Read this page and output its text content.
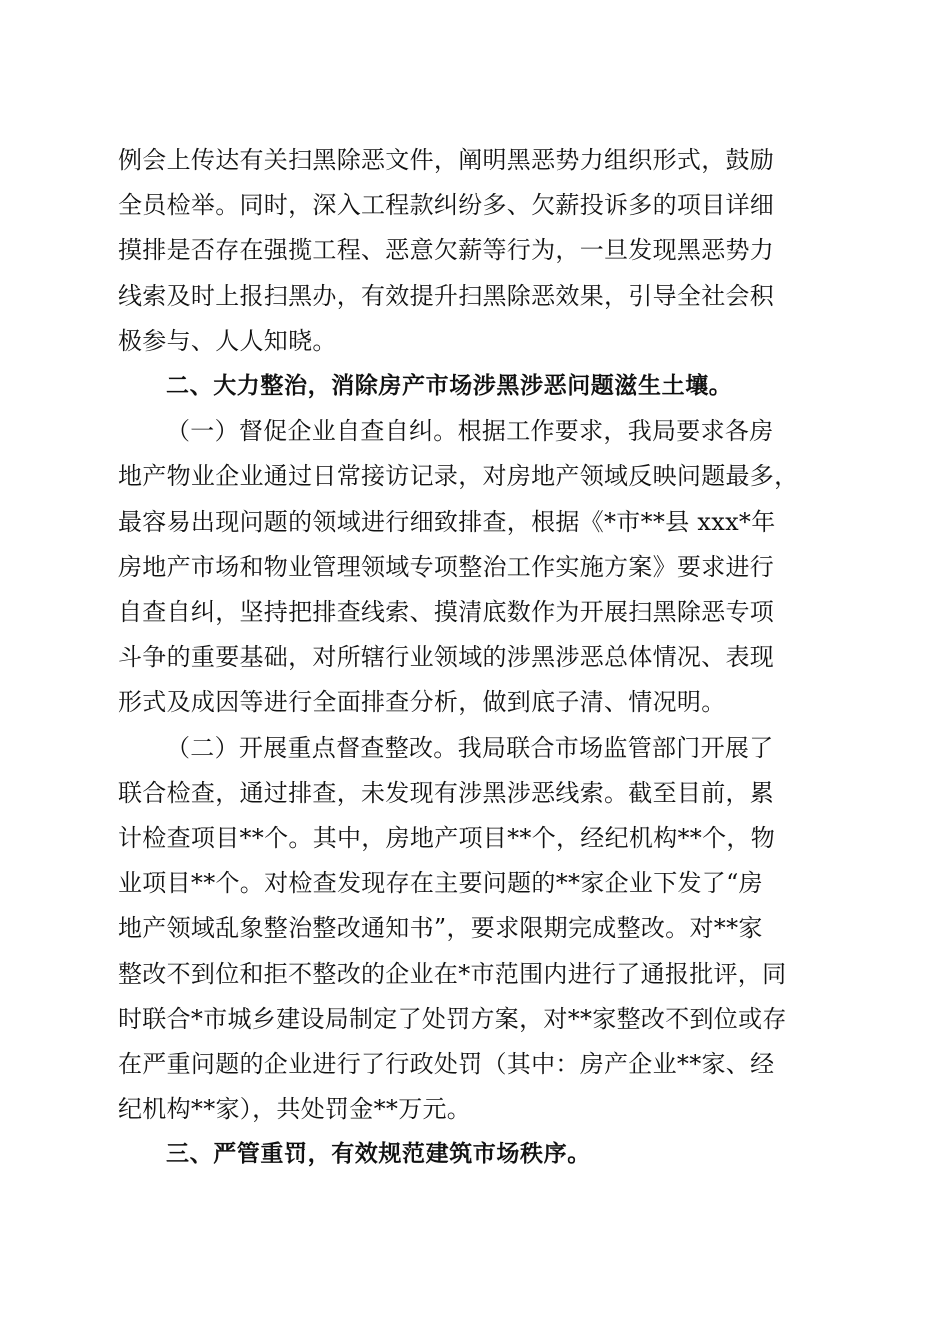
例会上传达有关扫黑除恶文件，阐明黑恶势力组织形式，鼓励
全员检举。同时，深入工程款纠纷多、欠薪投诉多的项目详细
摸排是否存在强揽工程、恶意欠薪等行为，一旦发现黑恶势力
线索及时上报扫黑办，有效提升扫黑除恶效果，引导全社会积
极参与、人人知晓。

二、大力整治，消除房产市场涉黑涉恶问题滋生土壤。

（一）督促企业自查自纠。根据工作要求，我局要求各房
地产物业企业通过日常接访记录，对房地产领域反映问题最多，
最容易出现问题的领域进行细致排查，根据《*市**县 xxx*年
房地产市场和物业管理领域专项整治工作实施方案》要求进行
自查自纠，坚持把排查线索、摸清底数作为开展扫黑除恶专项
斗争的重要基础，对所辖行业领域的涉黑涉恶总体情况、表现
形式及成因等进行全面排查分析，做到底子清、情况明。

（二）开展重点督查整改。我局联合市场监管部门开展了
联合检查，通过排查，未发现有涉黑涉恶线索。截至目前，累
计检查项目**个。其中，房地产项目**个，经纪机构**个，物
业项目**个。对检查发现存在主要问题的**家企业下发了“房
地产领域乱象整治整改通知书”，要求限期完成整改。对**家
整改不到位和拒不整改的企业在*市范围内进行了通报批评，同
时联合*市城乡建设局制定了处罚方案，对**家整改不到位或存
在严重问题的企业进行了行政处罚（其中：房产企业**家、经
纪机构**家），共处罚金**万元。

三、严管重罚，有效规范建筑市场秩序。
